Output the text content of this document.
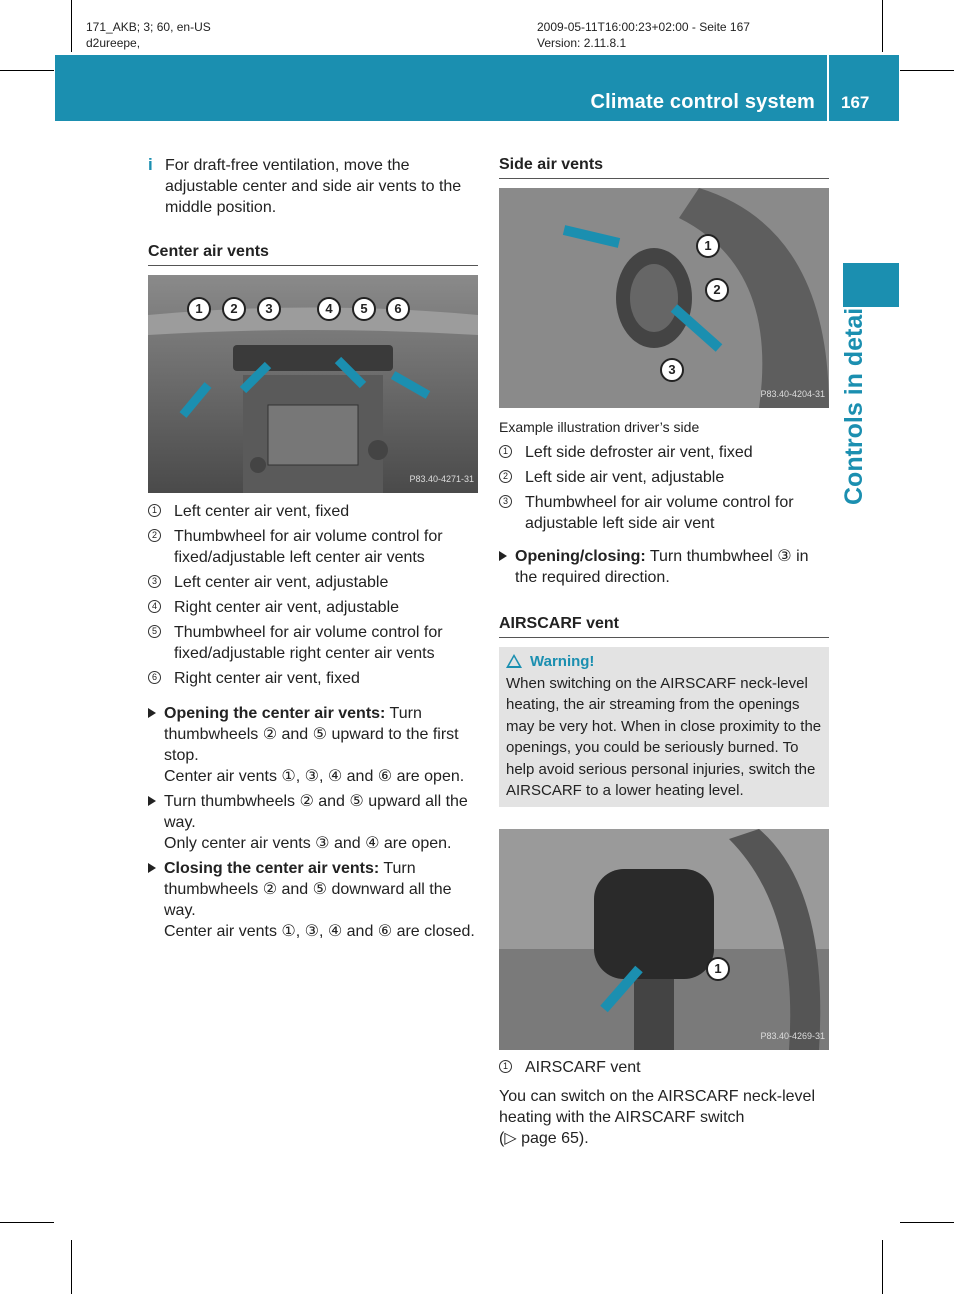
171_AKB; 3; 60, en-US
d2ureepe,
2009-05-11T16:00:23+02:00 - Seite 167
Version: 2.11.8.1
Climate control system 167
Controls in detail
i For draft-free ventilation, move the adjustable center and side air vents to the middle position.
Center air vents
1	2	3	4	5	6
P83.40-4271-31
1 Left center air vent, fixed
2 Thumbwheel for air volume control for fixed/adjustable left center air vents
3 Left center air vent, adjustable
4 Right center air vent, adjustable
5 Thumbwheel for air volume control for fixed/adjustable right center air vents
6 Right center air vent, fixed
Opening the center air vents: Turn thumbwheels ② and ⑤ upward to the first stop.
Center air vents ①, ③, ④ and ⑥ are open.
Turn thumbwheels ② and ⑤ upward all the way.
Only center air vents ③ and ④ are open.
Closing the center air vents: Turn thumbwheels ② and ⑤ downward all the way.
Center air vents ①, ③, ④ and ⑥ are closed.
Side air vents
1
2
3
P83.40-4204-31
Example illustration driver’s side
1 Left side defroster air vent, fixed
2 Left side air vent, adjustable
3 Thumbwheel for air volume control for adjustable left side air vent
Opening/closing: Turn thumbwheel ③ in the required direction.
AIRSCARF vent
Warning!
When switching on the AIRSCARF neck-level heating, the air streaming from the openings may be very hot. When in close proximity to the openings, you could be seriously burned. To help avoid serious personal injuries, switch the AIRSCARF to a lower heating level.
1
P83.40-4269-31
1 AIRSCARF vent
You can switch on the AIRSCARF neck-level heating with the AIRSCARF switch
(▷ page 65).
